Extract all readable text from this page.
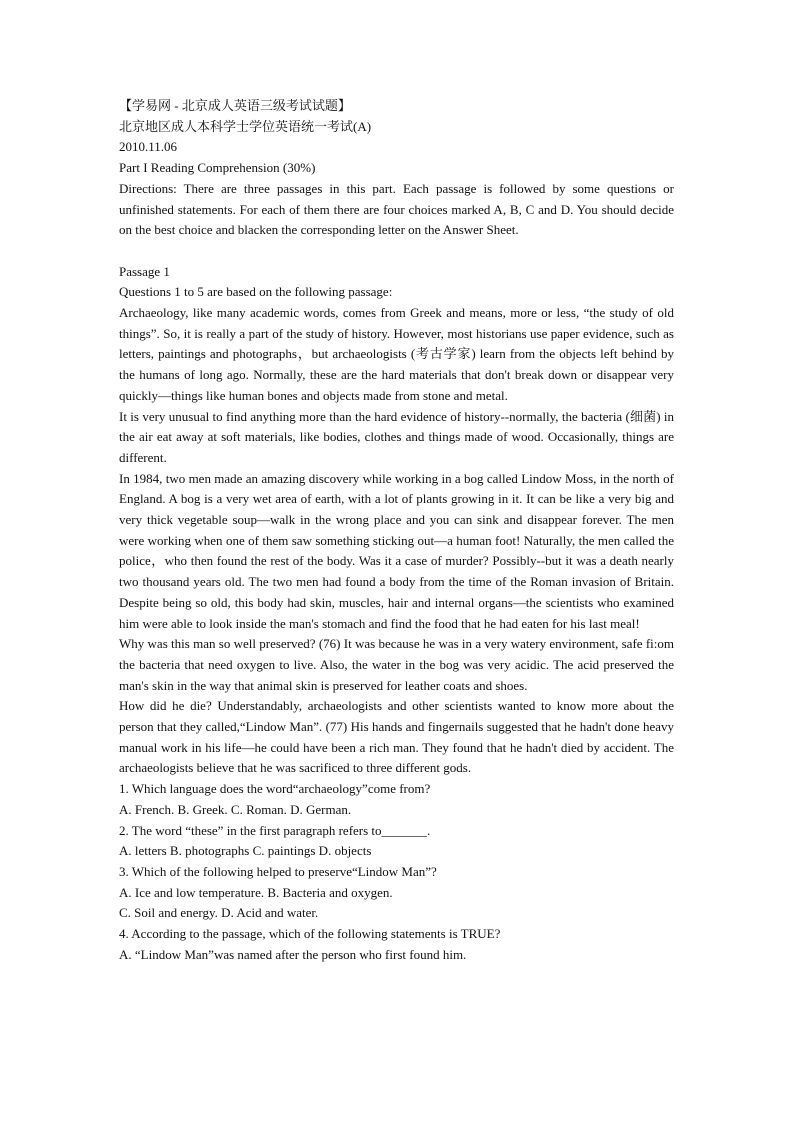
【学易网 - 北京成人英语三级考试试题】
北京地区成人本科学士学位英语统一考试(A)
2010.11.06
Part I Reading Comprehension (30%)
Directions: There are three passages in this part. Each passage is followed by some questions or unfinished statements. For each of them there are four choices marked A, B, C and D. You should decide on the best choice and blacken the corresponding letter on the Answer Sheet.
Passage 1
Questions 1 to 5 are based on the following passage:
Archaeology, like many academic words, comes from Greek and means, more or less, “the study of old things”. So, it is really a part of the study of history. However, most historians use paper evidence, such as letters, paintings and photographs，but archaeologists (考古学家) learn from the objects left behind by the humans of long ago. Normally, these are the hard materials that don't break down or disappear very quickly—things like human bones and objects made from stone and metal.
It is very unusual to find anything more than the hard evidence of history--normally, the bacteria (细菌) in the air eat away at soft materials, like bodies, clothes and things made of wood. Occasionally, things are different.
In 1984, two men made an amazing discovery while working in a bog called Lindow Moss, in the north of England. A bog is a very wet area of earth, with a lot of plants growing in it. It can be like a very big and very thick vegetable soup—walk in the wrong place and you can sink and disappear forever. The men were working when one of them saw something sticking out—a human foot! Naturally, the men called the police，who then found the rest of the body. Was it a case of murder? Possibly--but it was a death nearly two thousand years old. The two men had found a body from the time of the Roman invasion of Britain. Despite being so old, this body had skin, muscles, hair and internal organs—the scientists who examined him were able to look inside the man's stomach and find the food that he had eaten for his last meal!
Why was this man so well preserved? (76) It was because he was in a very watery environment, safe fi:om the bacteria that need oxygen to live. Also, the water in the bog was very acidic. The acid preserved the man's skin in the way that animal skin is preserved for leather coats and shoes.
How did he die? Understandably, archaeologists and other scientists wanted to know more about the person that they called,“Lindow Man”. (77) His hands and fingernails suggested that he hadn't done heavy manual work in his life—he could have been a rich man. They found that he hadn't died by accident. The archaeologists believe that he was sacrificed to three different gods.
1. Which language does the word“archaeology”come from?
A. French. B. Greek. C. Roman. D. German.
2. The word “these” in the first paragraph refers to_______.
A. letters B. photographs C. paintings D. objects
3. Which of the following helped to preserve“Lindow Man”?
A. Ice and low temperature. B. Bacteria and oxygen.
C. Soil and energy. D. Acid and water.
4. According to the passage, which of the following statements is TRUE?
A. “Lindow Man”was named after the person who first found him.
